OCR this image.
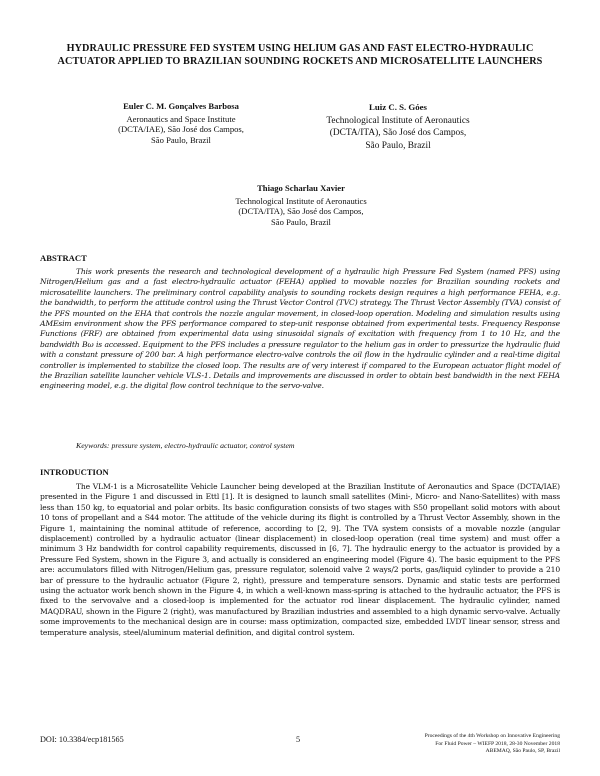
HYDRAULIC PRESSURE FED SYSTEM USING HELIUM GAS AND FAST ELECTRO-HYDRAULIC ACTUATOR APPLIED TO BRAZILIAN SOUNDING ROCKETS AND MICROSATELLITE LAUNCHERS
Euler C. M. Gonçalves Barbosa
Aeronautics and Space Institute
(DCTA/IAE), São José dos Campos,
São Paulo, Brazil
Luiz C. S. Góes
Technological Institute of Aeronautics
(DCTA/ITA), São José dos Campos,
São Paulo, Brazil
Thiago Scharlau Xavier
Technological Institute of Aeronautics
(DCTA/ITA), São José dos Campos,
São Paulo, Brazil
ABSTRACT
This work presents the research and technological development of a hydraulic high Pressure Fed System (named PFS) using Nitrogen/Helium gas and a fast electro-hydraulic actuator (FEHA) applied to movable nozzles for Brazilian sounding rockets and microsatellite launchers. The preliminary control capability analysis to sounding rockets design requires a high performance FEHA, e.g. the bandwidth, to perform the attitude control using the Thrust Vector Control (TVC) strategy. The Thrust Vector Assembly (TVA) consist of the PFS mounted on the EHA that controls the nozzle angular movement, in closed-loop operation. Modeling and simulation results using AMEsim environment show the PFS performance compared to step-unit response obtained from experimental tests. Frequency Response Functions (FRF) are obtained from experimental data using sinusoidal signals of excitation with frequency from 1 to 10 Hz, and the bandwidth Bω is accessed. Equipment to the PFS includes a pressure regulator to the helium gas in order to pressurize the hydraulic fluid with a constant pressure of 200 bar. A high performance electro-valve controls the oil flow in the hydraulic cylinder and a real-time digital controller is implemented to stabilize the closed loop. The results are of very interest if compared to the European actuator flight model of the Brazilian satellite launcher vehicle VLS-1. Details and improvements are discussed in order to obtain best bandwidth in the next FEHA engineering model, e.g. the digital flow control technique to the servo-valve.
Keywords: pressure system, electro-hydraulic actuator, control system
INTRODUCTION
The VLM-1 is a Microsatellite Vehicle Launcher being developed at the Brazilian Institute of Aeronautics and Space (DCTA/IAE) presented in the Figure 1 and discussed in Ettl [1]. It is designed to launch small satellites (Mini-, Micro- and Nano-Satellites) with mass less than 150 kg, to equatorial and polar orbits. Its basic configuration consists of two stages with S50 propellant solid motors with about 10 tons of propellant and a S44 motor. The attitude of the vehicle during its flight is controlled by a Thrust Vector Assembly, shown in the Figure 1, maintaining the nominal attitude of reference, according to [2, 9]. The TVA system consists of a movable nozzle (angular displacement) controlled by a hydraulic actuator (linear displacement) in closed-loop operation (real time system) and must offer a minimum 3 Hz bandwidth for control capability requirements, discussed in [6, 7]. The hydraulic energy to the actuator is provided by a Pressure Fed System, shown in the Figure 3, and actually is considered an engineering model (Figure 4). The basic equipment to the PFS are: accumulators filled with Nitrogen/Helium gas, pressure regulator, solenoid valve 2 ways/2 ports, gas/liquid cylinder to provide a 210 bar of pressure to the hydraulic actuator (Figure 2, right), pressure and temperature sensors. Dynamic and static tests are performed using the actuator work bench shown in the Figure 4, in which a well-known mass-spring is attached to the hydraulic actuator, the PFS is fixed to the servovalve and a closed-loop is implemented for the actuator rod linear displacement. The hydraulic cylinder, named MAQDRAU, shown in the Figure 2 (right), was manufactured by Brazilian industries and assembled to a high dynamic servo-valve. Actually some improvements to the mechanical design are in course: mass optimization, compacted size, embedded LVDT linear sensor, stress and temperature analysis, steel/aluminum material definition, and digital control system.
DOI: 10.3384/ecp181565	5	Proceedings of the 4th Workshop on Innovative Engineering
For Fluid Power – WIEFP 2018, 28-30 November 2018
ABEMAQ, São Paulo, SP, Brazil
